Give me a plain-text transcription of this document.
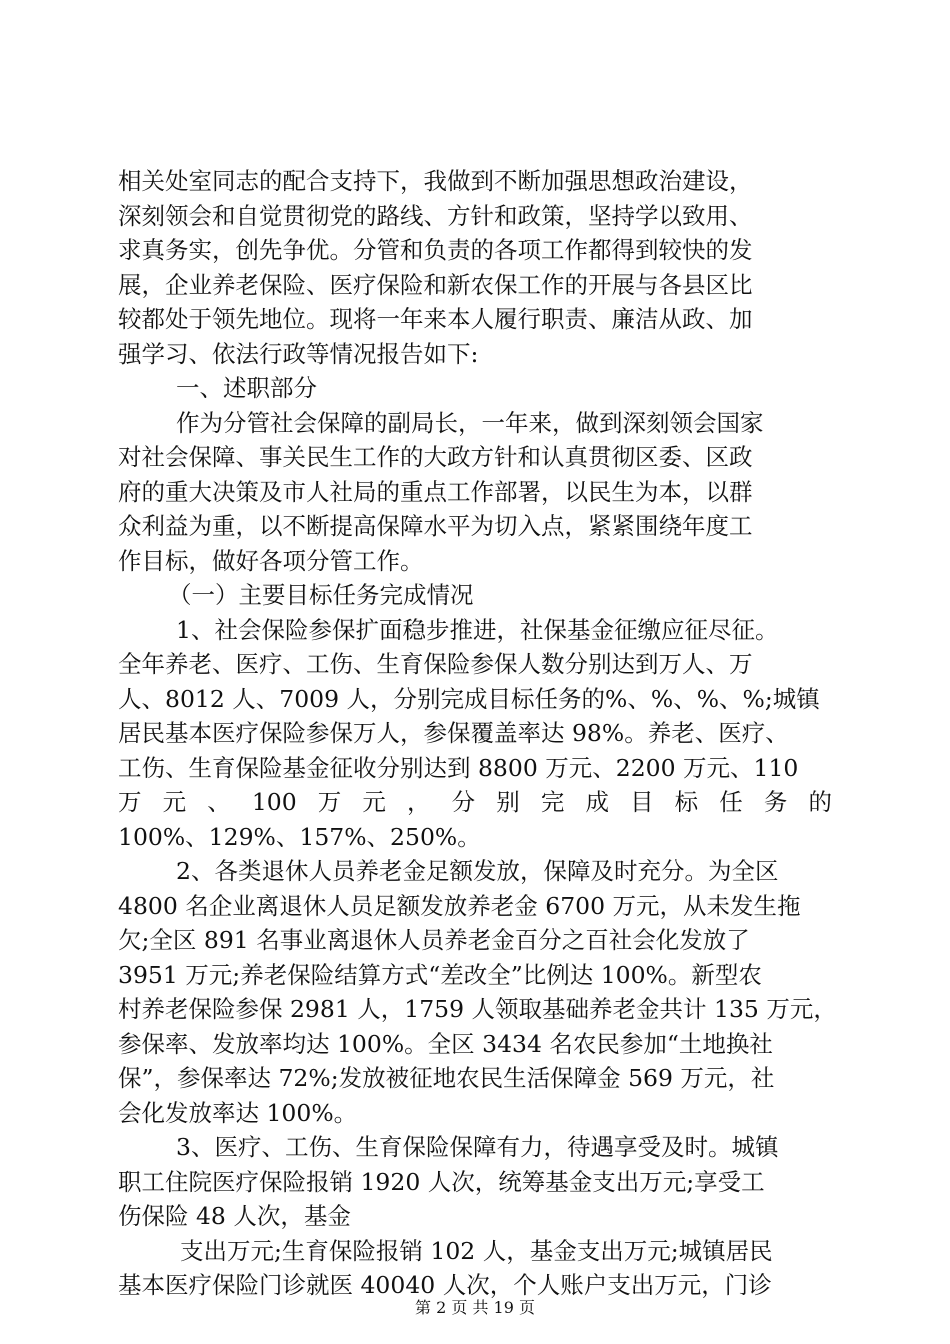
相关处室同志的配合支持下，我做到不断加强思想政治建设，
深刻领会和自觉贯彻党的路线、方针和政策，坚持学以致用、
求真务实，创先争优。分管和负责的各项工作都得到较快的发
展，企业养老保险、医疗保险和新农保工作的开展与各县区比
较都处于领先地位。现将一年来本人履行职责、廉洁从政、加
强学习、依法行政等情况报告如下:
一、述职部分
作为分管社会保障的副局长，一年来，做到深刻领会国家
对社会保障、事关民生工作的大政方针和认真贯彻区委、区政
府的重大决策及市人社局的重点工作部署，以民生为本，以群
众利益为重，以不断提高保障水平为切入点，紧紧围绕年度工
作目标，做好各项分管工作。
（一）主要目标任务完成情况
1、社会保险参保扩面稳步推进，社保基金征缴应征尽征。
全年养老、医疗、工伤、生育保险参保人数分别达到万人、万
人、8012 人、7009 人，分别完成目标任务的%、%、%、%;城镇
居民基本医疗保险参保万人，参保覆盖率达 98%。养老、医疗、
工伤、生育保险基金征收分别达到 8800 万元、2200 万元、110
万 元 、 100 万 元 ， 分 别 完 成 目 标 任 务 的
100%、129%、157%、250%。
2、各类退休人员养老金足额发放，保障及时充分。为全区
4800 名企业离退休人员足额发放养老金 6700 万元，从未发生拖
欠;全区 891 名事业离退休人员养老金百分之百社会化发放了
3951 万元;养老保险结算方式“差改全”比例达 100%。新型农
村养老保险参保 2981 人，1759 人领取基础养老金共计 135 万元，
参保率、发放率均达 100%。全区 3434 名农民参加“土地换社
保”，参保率达 72%;发放被征地农民生活保障金 569 万元，社
会化发放率达 100%。
3、医疗、工伤、生育保险保障有力，待遇享受及时。城镇
职工住院医疗保险报销 1920 人次，统筹基金支出万元;享受工
伤保险 48 人次，基金
支出万元;生育保险报销 102 人，基金支出万元;城镇居民
基本医疗保险门诊就医 40040 人次，个人账户支出万元，门诊
第 2 页 共 19 页
